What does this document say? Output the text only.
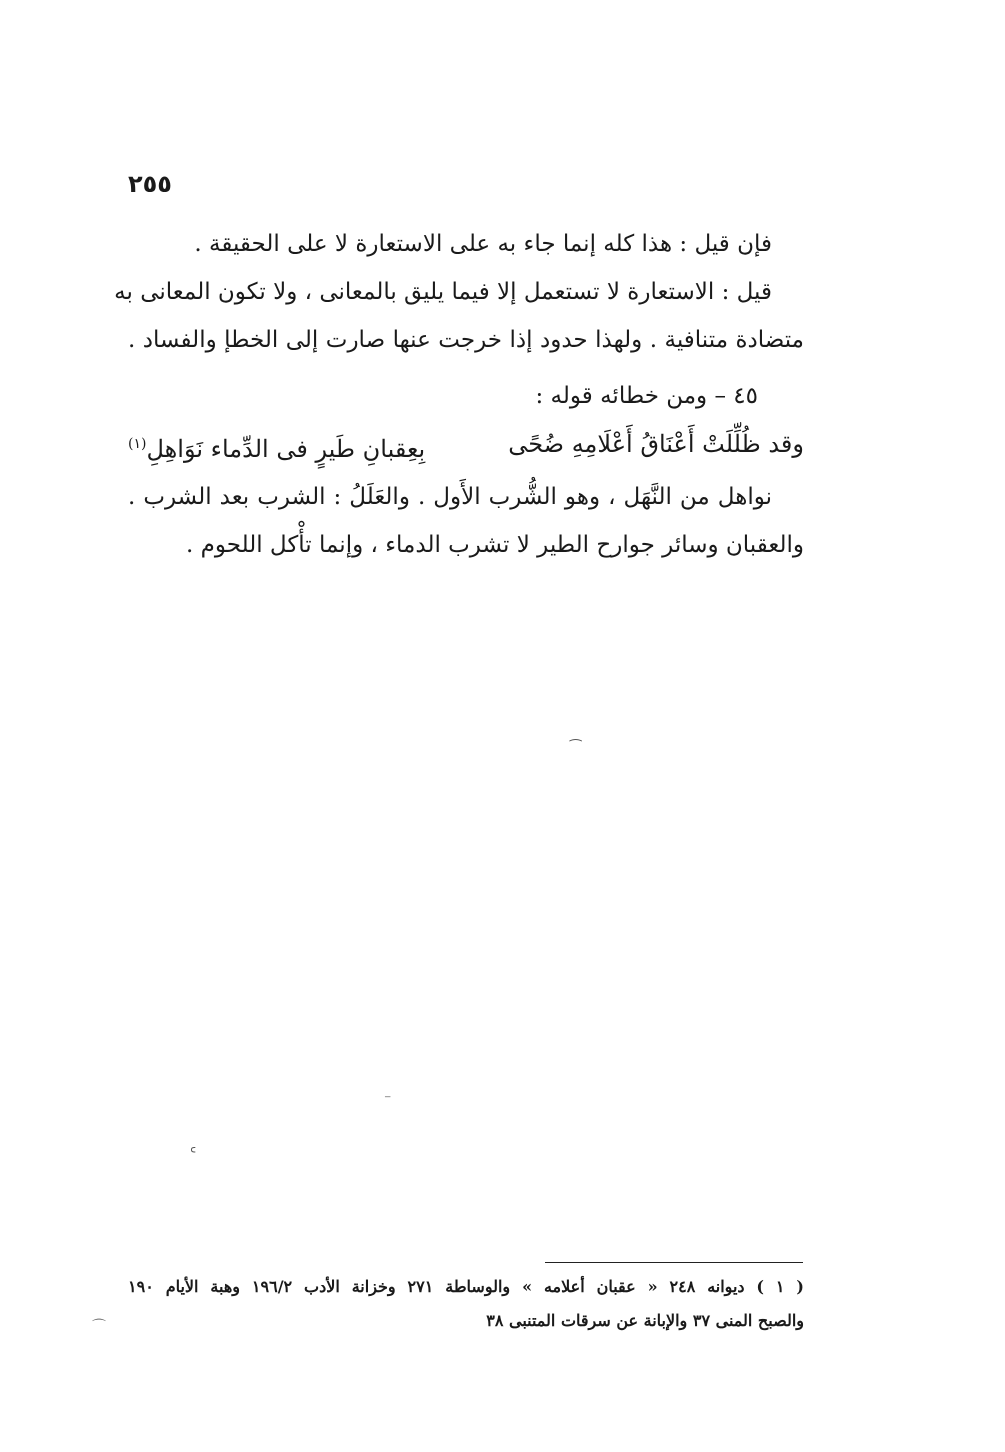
٢٥٥
فإن قيل : هذا كله إنما جاء به على الاستعارة لا على الحقيقة .
قيل : الاستعارة لا تستعمل إلا فيما يليق بالمعانى ، ولا تكون المعانى به
متضادة متنافية . ولهذا حدود إذا خرجت عنها صارت إلى الخطإ والفساد .
٤٥ – ومن خطائه قوله :
وقد ظُلِّلَتْ أَعْنَاقُ أَعْلَامِهِ ضُحًى
بِعِقبانِ طَيرٍ فى الدِّماء نَوَاهِلِ$^{(١)}$
نواهل من النَّهَل ، وهو الشُّرب الأَول . والعَلَلُ : الشرب بعد الشرب .
والعقبان وسائر جوارح الطير لا تشرب الدماء ، وإنما تأْكل اللحوم .
( ١ ) ديوانه ٢٤٨ « عقبان أعلامه » والوساطة ٢٧١ وخزانة الأدب ١٩٦/٢ وهبة الأيام ١٩٠
والصبح المنى ٣٧ والإبانة عن سرقات المتنبى ٣٨
⁀
⁻
ᑦ
⌒
